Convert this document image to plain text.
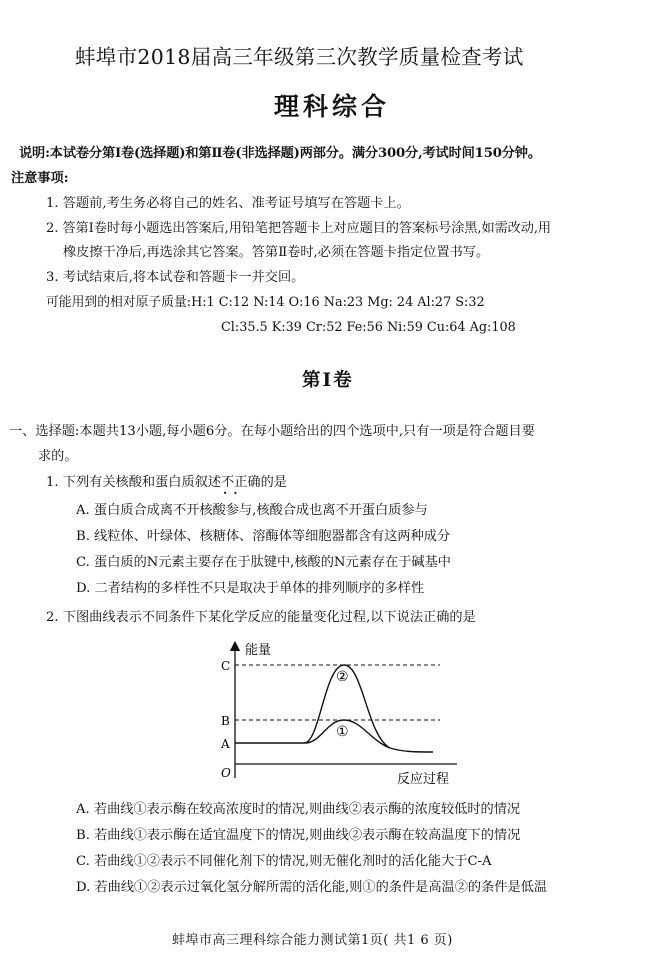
蚌埠市2018届高三年级第三次教学质量检查考试
理科综合
说明:本试卷分第Ⅰ卷(选择题)和第Ⅱ卷(非选择题)两部分。满分300分,考试时间150分钟。
注意事项:
1. 答题前,考生务必将自己的姓名、准考证号填写在答题卡上。
2. 答第Ⅰ卷时每小题选出答案后,用铅笔把答题卡上对应题目的答案标号涂黑,如需改动,用
橡皮擦干净后,再选涂其它答案。答第Ⅱ卷时,必须在答题卡指定位置书写。
3. 考试结束后,将本试卷和答题卡一并交回。
可能用到的相对原子质量:H:1 C:12 N:14 O:16 Na:23 Mg: 24 Al:27 S:32
Cl:35.5 K:39 Cr:52 Fe:56 Ni:59 Cu:64 Ag:108
第Ⅰ卷
一、选择题:本题共13小题,每小题6分。在每小题给出的四个选项中,只有一项是符合题目要
求的。
1. 下列有关核酸和蛋白质叙述不正确 · ·的是
A. 蛋白质合成离不开核酸参与,核酸合成也离不开蛋白质参与
B. 线粒体、叶绿体、核糖体、溶酶体等细胞器都含有这两种成分
C. 蛋白质的N元素主要存在于肽键中,核酸的N元素存在于碱基中
D. 二者结构的多样性不只是取决于单体的排列顺序的多样性
2. 下图曲线表示不同条件下某化学反应的能量变化过程,以下说法正确的是
能量
反应过程
O
C
B
A
②
①
A. 若曲线①表示酶在较高浓度时的情况,则曲线②表示酶的浓度较低时的情况
B. 若曲线①表示酶在适宜温度下的情况,则曲线②表示酶在较高温度下的情况
C. 若曲线①②表示不同催化剂下的情况,则无催化剂时的活化能大于C-A
D. 若曲线①②表示过氧化氢分解所需的活化能,则①的条件是高温②的条件是低温
蚌埠市高三理科综合能力测试第1页( 共1 6 页)
